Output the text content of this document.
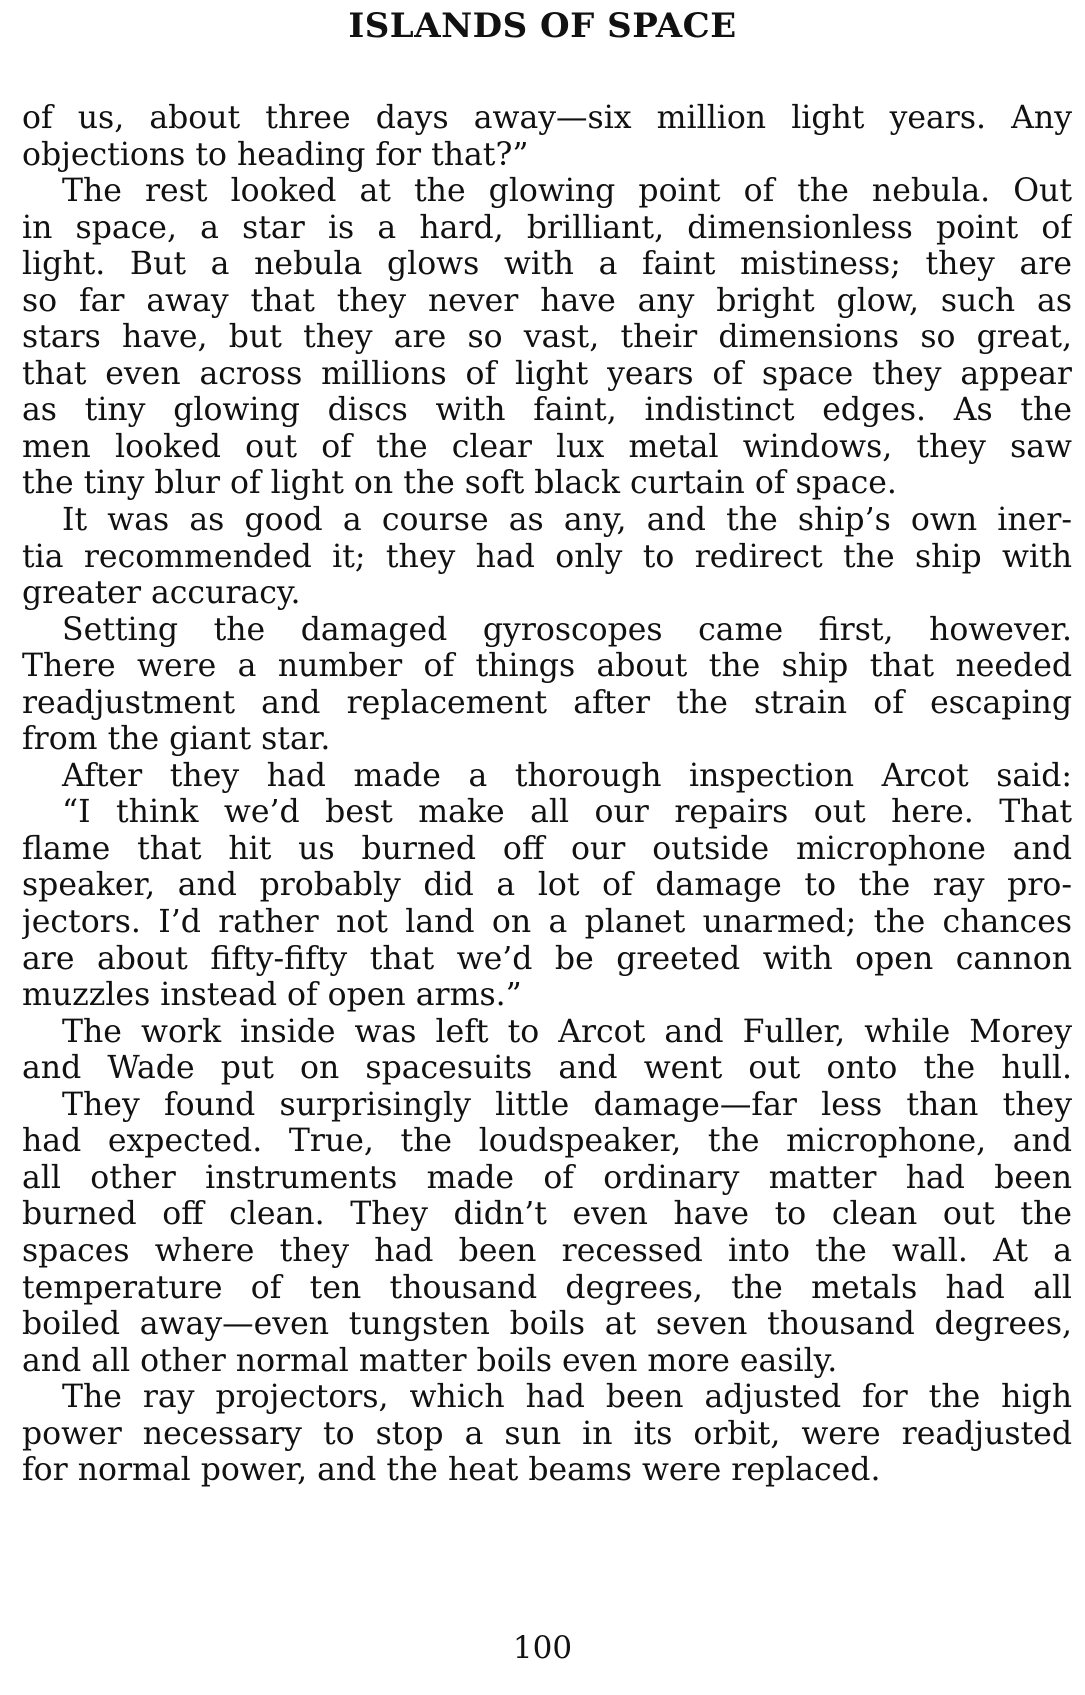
ISLANDS OF SPACE
of us, about three days away—six million light years. Any
objections to heading for that?”
The rest looked at the glowing point of the nebula. Out
in space, a star is a hard, brilliant, dimensionless point of
light. But a nebula glows with a faint mistiness; they are
so far away that they never have any bright glow, such as
stars have, but they are so vast, their dimensions so great,
that even across millions of light years of space they appear
as tiny glowing discs with faint, indistinct edges. As the
men looked out of the clear lux metal windows, they saw
the tiny blur of light on the soft black curtain of space.
It was as good a course as any, and the ship’s own iner-
tia recommended it; they had only to redirect the ship with
greater accuracy.
Setting the damaged gyroscopes came first, however.
There were a number of things about the ship that needed
readjustment and replacement after the strain of escaping
from the giant star.
After they had made a thorough inspection Arcot said:
“I think we’d best make all our repairs out here. That
flame that hit us burned off our outside microphone and
speaker, and probably did a lot of damage to the ray pro-
jectors. I’d rather not land on a planet unarmed; the chances
are about fifty-fifty that we’d be greeted with open cannon
muzzles instead of open arms.”
The work inside was left to Arcot and Fuller, while Morey
and Wade put on spacesuits and went out onto the hull.
They found surprisingly little damage—far less than they
had expected. True, the loudspeaker, the microphone, and
all other instruments made of ordinary matter had been
burned off clean. They didn’t even have to clean out the
spaces where they had been recessed into the wall. At a
temperature of ten thousand degrees, the metals had all
boiled away—even tungsten boils at seven thousand degrees,
and all other normal matter boils even more easily.
The ray projectors, which had been adjusted for the high
power necessary to stop a sun in its orbit, were readjusted
for normal power, and the heat beams were replaced.
100
